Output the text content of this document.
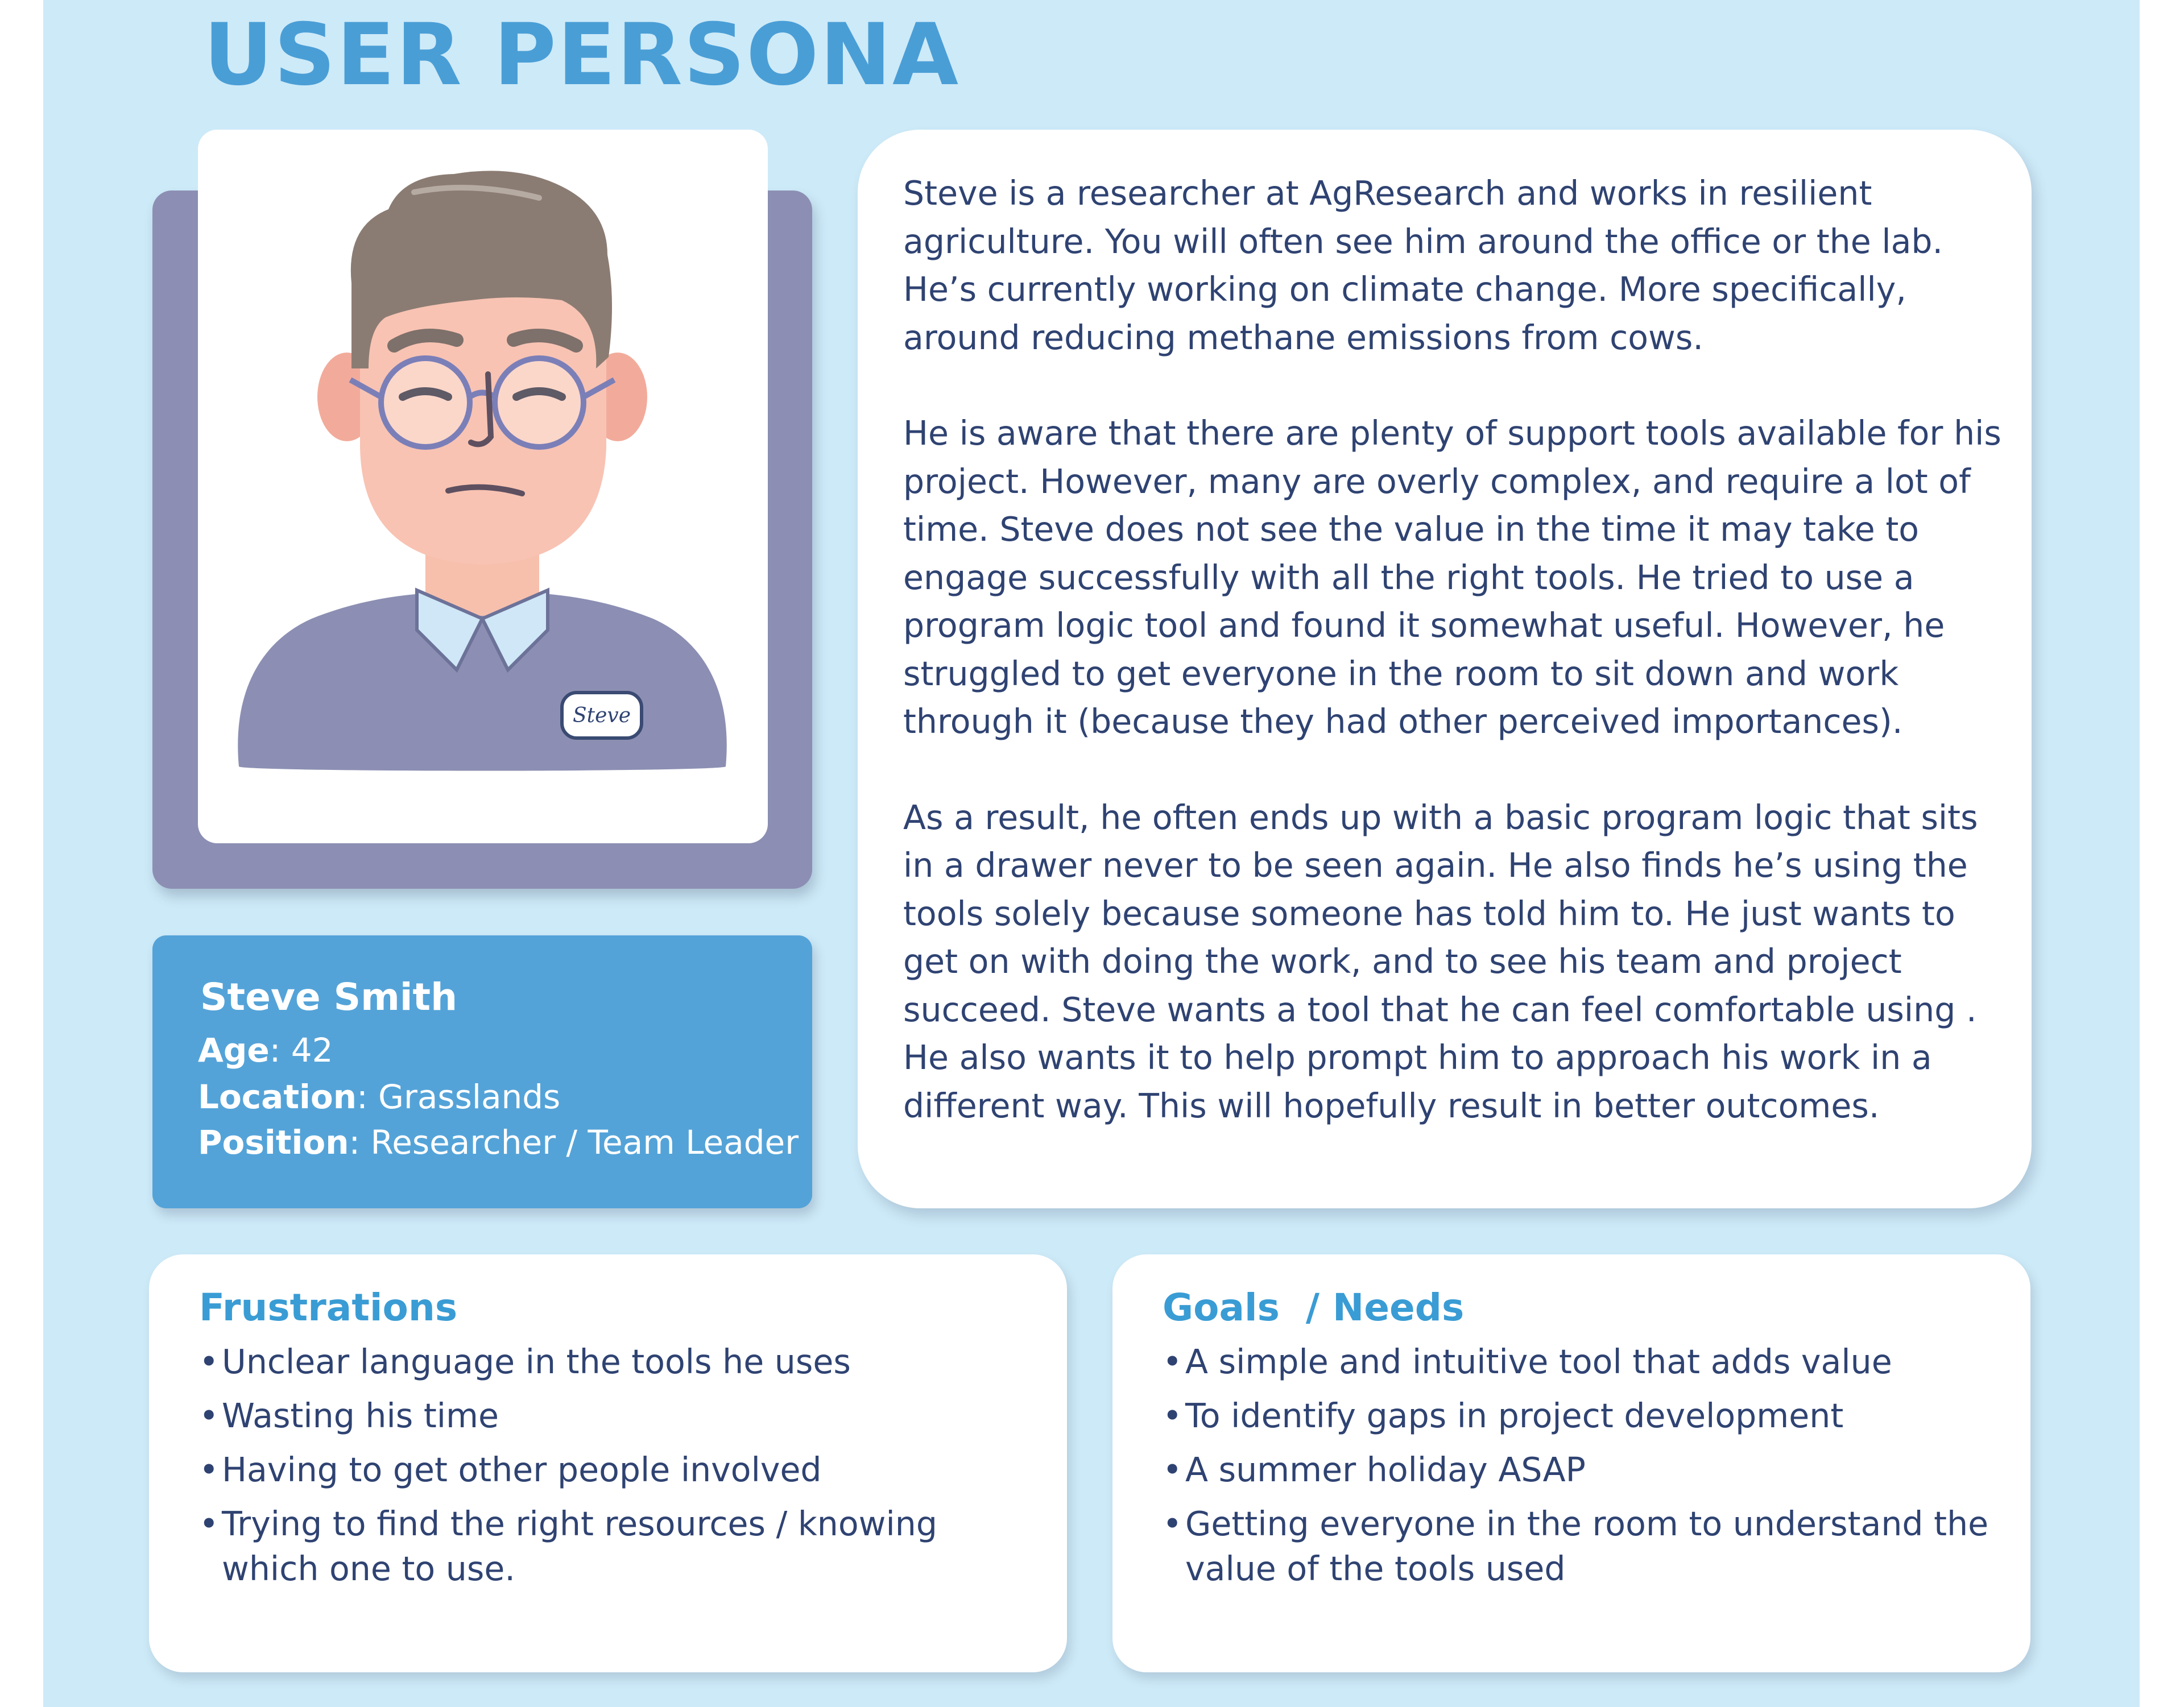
USER PERSONA
Steve
Steve Smith
Age: 42
Location: Grasslands
Position: Researcher / Team Leader

Steve is a researcher at AgResearch and works in resilient agriculture. You will often see him around the office or the lab. He’s currently working on climate change. More specifically, around reducing methane emissions from cows.

He is aware that there are plenty of support tools available for his project. However, many are overly complex, and require a lot of time. Steve does not see the value in the time it may take to engage successfully with all the right tools. He tried to use a program logic tool and found it somewhat useful. However, he struggled to get everyone in the room to sit down and work through it (because they had other perceived importances).

As a result, he often ends up with a basic program logic that sits in a drawer never to be seen again. He also finds he’s using the tools solely because someone has told him to. He just wants to get on with doing the work, and to see his team and project succeed. Steve wants a tool that he can feel comfortable using . He also wants it to help prompt him to approach his work in a different way. This will hopefully result in better outcomes.

Frustrations
• Unclear language in the tools he uses
• Wasting his time
• Having to get other people involved
• Trying to find the right resources / knowing which one to use.
Goals  / Needs
• A simple and intuitive tool that adds value
• To identify gaps in project development
• A summer holiday ASAP
• Getting everyone in the room to understand the value of the tools used
